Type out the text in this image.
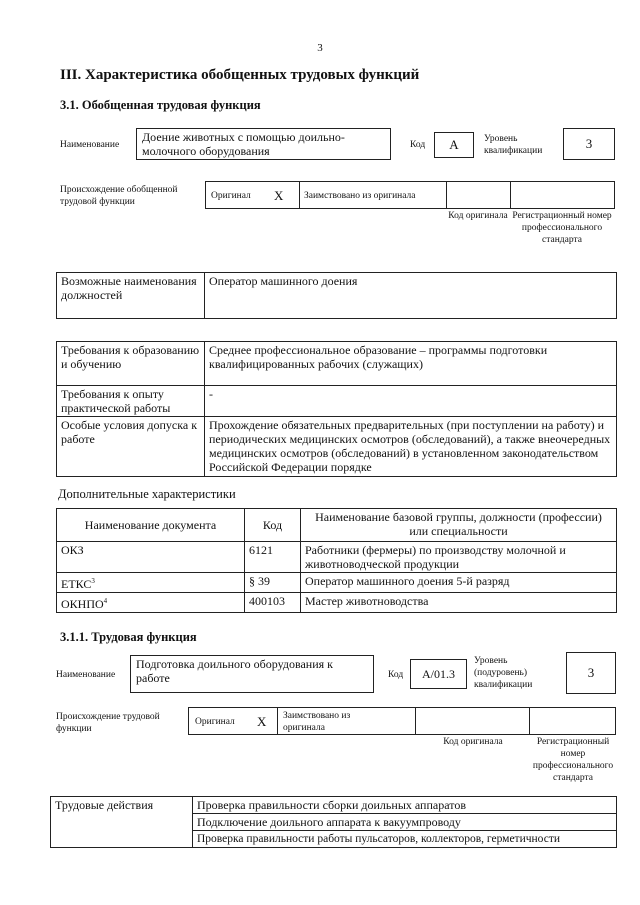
3
III. Характеристика обобщенных трудовых функций
3.1. Обобщенная трудовая функция
Наименование
Доение животных с помощью доильно-молочного оборудования	Код	A	Уровень квалификации	3
Происхождение обобщенной трудовой функции
Оригинал X Заимствовано из оригинала
Код оригинала Регистрационный номер профессионального стандарта
Возможные наименования должностей	Оператор машинного доения
Требования к образованию и обучению	Среднее профессиональное образование – программы подготовки квалифицированных рабочих (служащих)
Требования к опыту практической работы	-
Особые условия допуска к работе	Прохождение обязательных предварительных (при поступлении на работу) и периодических медицинских осмотров (обследований), а также внеочередных медицинских осмотров (обследований) в установленном законодательством Российской Федерации порядке
Дополнительные характеристики
Наименование документа	Код	Наименование базовой группы, должности (профессии) или специальности
ОКЗ	6121	Работники (фермеры) по производству молочной и животноводческой продукции
ЕТКС$^3$	§ 39	Оператор машинного доения 5-й разряд
ОКНПО$^4$	400103	Мастер животноводства
3.1.1. Трудовая функция
Наименование
Подготовка доильного оборудования к работе	Код	A/01.3
Уровень (подуровень) квалификации
3
Происхождение трудовой функции
Оригинал X Заимствовано из оригинала
Код оригинала	Регистрационный номер профессионального стандарта
Трудовые действия	Проверка правильности сборки доильных аппаратов
Подключение доильного аппарата к вакуумпроводу
Проверка правильности работы пульсаторов, коллекторов, герметичности
